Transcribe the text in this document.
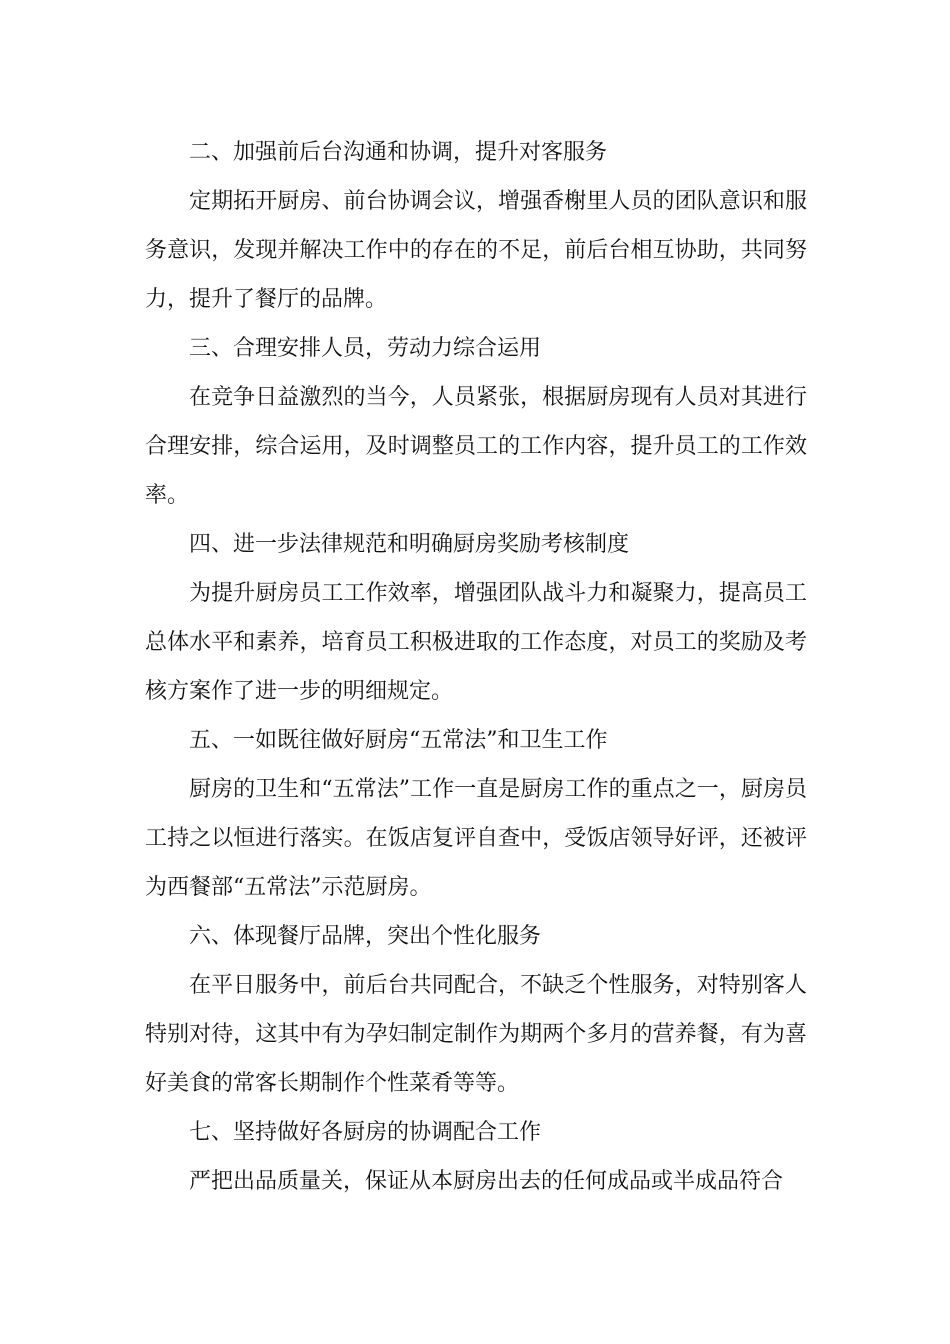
二、加强前后台沟通和协调，提升对客服务

定期拓开厨房、前台协调会议，增强香榭里人员的团队意识和服务意识，发现并解决工作中的存在的不足，前后台相互协助，共同努力，提升了餐厅的品牌。

三、合理安排人员，劳动力综合运用

在竞争日益激烈的当今，人员紧张，根据厨房现有人员对其进行合理安排，综合运用，及时调整员工的工作内容，提升员工的工作效率。

四、进一步法律规范和明确厨房奖励考核制度

为提升厨房员工工作效率，增强团队战斗力和凝聚力，提高员工总体水平和素养，培育员工积极进取的工作态度，对员工的奖励及考核方案作了进一步的明细规定。

五、一如既往做好厨房“五常法”和卫生工作

厨房的卫生和“五常法”工作一直是厨房工作的重点之一，厨房员工持之以恒进行落实。在饭店复评自查中，受饭店领导好评，还被评为西餐部“五常法”示范厨房。

六、体现餐厅品牌，突出个性化服务

在平日服务中，前后台共同配合，不缺乏个性服务，对特别客人特别对待，这其中有为孕妇制定制作为期两个多月的营养餐，有为喜好美食的常客长期制作个性菜肴等等。

七、坚持做好各厨房的协调配合工作

严把出品质量关，保证从本厨房出去的任何成品或半成品符合
